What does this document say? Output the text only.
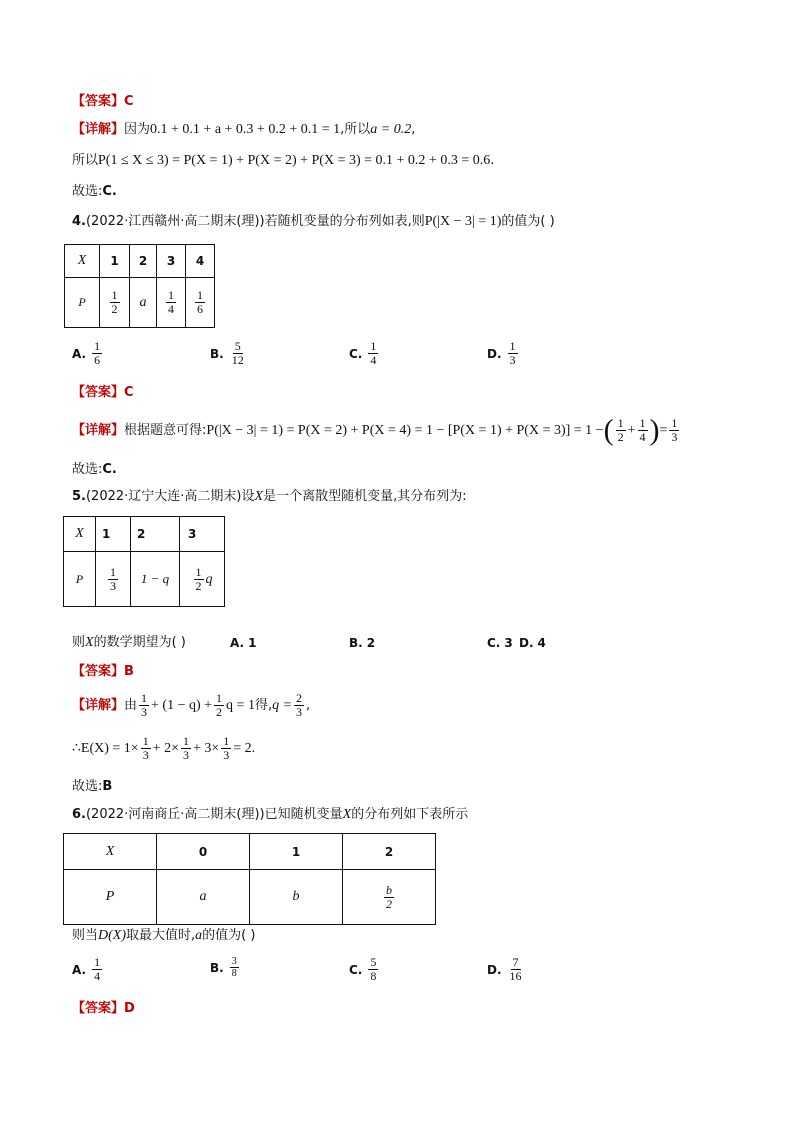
【答案】C
【详解】因为0.1 + 0.1 + a + 0.3 + 0.2 + 0.1 = 1,所以a = 0.2,
所以P(1 ≤ X ≤ 3) = P(X = 1) + P(X = 2) + P(X = 3) = 0.1 + 0.2 + 0.3 = 0.6.
故选:C.
4.(2022·江西赣州·高二期末(理))若随机变量的分布列如表,则P(|X − 3| = 1)的值为( )
X	1	2	3	4
P	$\frac{1}{2}$	a	$\frac{1}{4}$	$\frac{1}{6}$
A. $\frac{1}{6}$	B. $\frac{5}{12}$	C. $\frac{1}{4}$	D. $\frac{1}{3}$
【答案】C
【详解】根据题意可得:P(|X − 3| = 1) = P(X = 2) + P(X = 4) = 1 − [P(X = 1) + P(X = 3)] = 1 −( $\frac{1}{2} + \frac{1}{4}$ )= $\frac{1}{3}$
故选:C.
5.(2022·辽宁大连·高二期末)设X是一个离散型随机变量,其分布列为:
X	1	2	3
P	$\frac{1}{3}$	1 − q	$\frac{1}{2}$ q
则X的数学期望为( )	A. 1	B. 2	C. 3 D. 4
【答案】B
【详解】由 $\frac{1}{3} + (1 - q) + \frac{1}{2}$ q = 1得$,q = \frac{2}{3}$ ,
∴E(X) = $1\times \frac{1}{3} + 2\times \frac{1}{3} + 3\times \frac{1}{3} = 2$.
故选:B
6.(2022·河南商丘·高二期末(理))已知随机变量X的分布列如下表所示
X	0	1	2
P	a	b	$\frac{b}{2}$
则当D(X)取最大值时,a的值为( )
A. $\frac{1}{4}$	B. $\frac{3}{8}$	C. $\frac{5}{8}$	D. $\frac{7}{16}$
【答案】D
